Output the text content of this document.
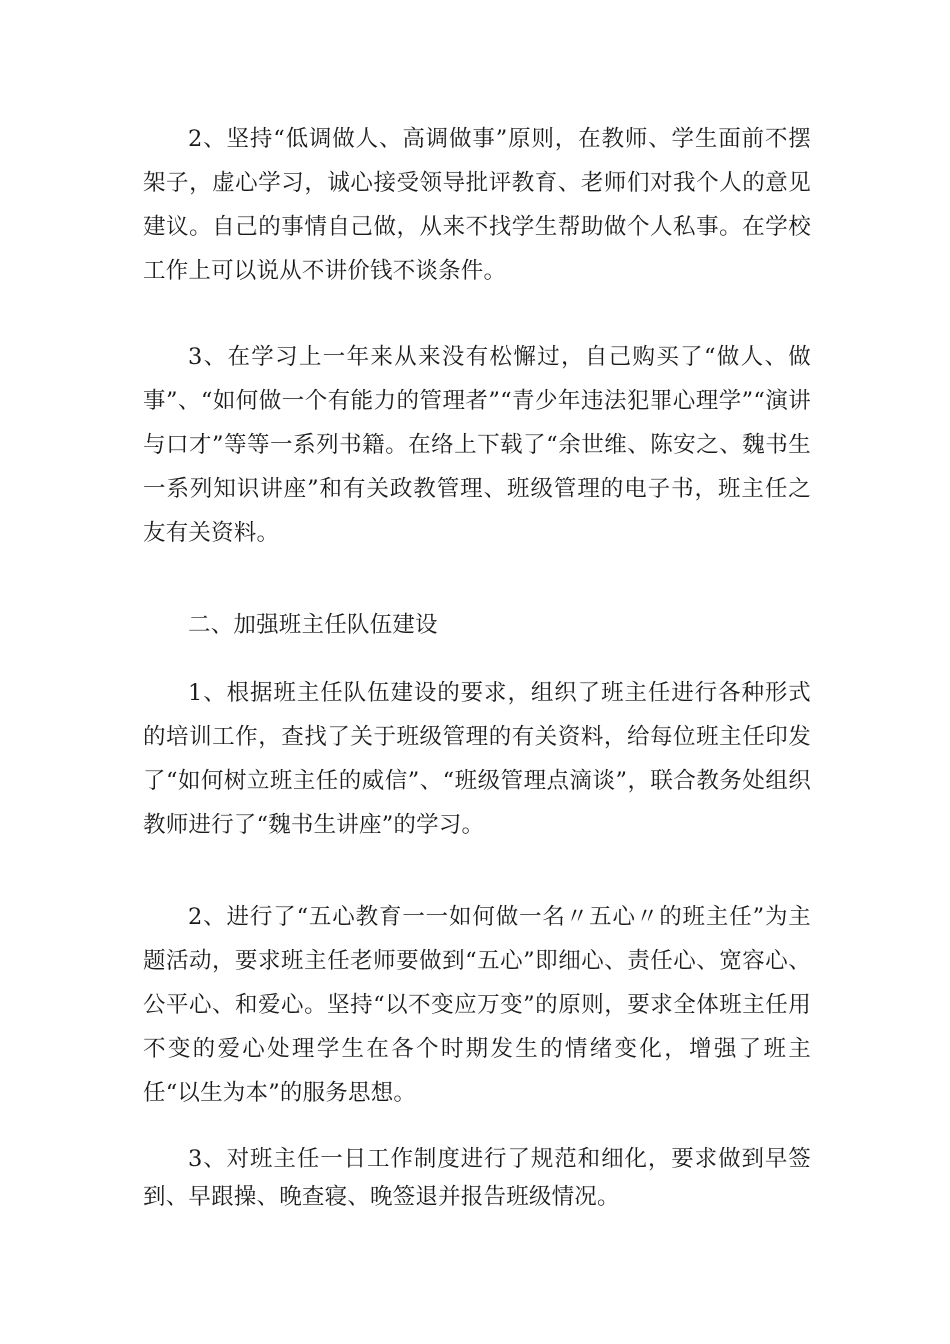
2、坚持“低调做人、高调做事”原则，在教师、学生面前不摆架子，虚心学习，诚心接受领导批评教育、老师们对我个人的意见建议。自己的事情自己做，从来不找学生帮助做个人私事。在学校工作上可以说从不讲价钱不谈条件。

3、在学习上一年来从来没有松懈过，自己购买了“做人、做事”、“如何做一个有能力的管理者”“青少年违法犯罪心理学”“演讲与口才”等等一系列书籍。在络上下载了“余世维、陈安之、魏书生一系列知识讲座”和有关政教管理、班级管理的电子书，班主任之友有关资料。

二、加强班主任队伍建设

1、根据班主任队伍建设的要求，组织了班主任进行各种形式的培训工作，查找了关于班级管理的有关资料，给每位班主任印发了“如何树立班主任的威信”、“班级管理点滴谈”，联合教务处组织教师进行了“魏书生讲座”的学习。

2、进行了“五心教育一一如何做一名〃五心〃的班主任”为主题活动，要求班主任老师要做到“五心”即细心、责任心、宽容心、公平心、和爱心。坚持“以不变应万变”的原则，要求全体班主任用不变的爱心处理学生在各个时期发生的情绪变化，增强了班主任“以生为本”的服务思想。

3、对班主任一日工作制度进行了规范和细化，要求做到早签到、早跟操、晚查寝、晚签退并报告班级情况。
